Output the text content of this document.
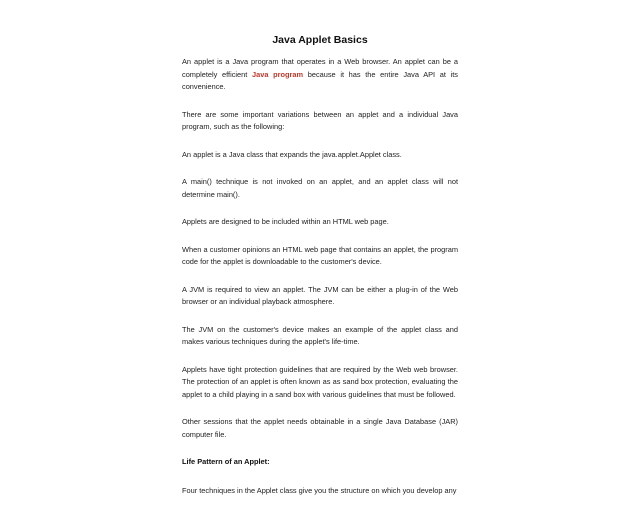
Java Applet Basics

An applet is a Java program that operates in a Web browser. An applet can be a completely efficient Java program because it has the entire Java API at its convenience.

There are some important variations between an applet and a individual Java program, such as the following:

An applet is a Java class that expands the java.applet.Applet class.

A main() technique is not invoked on an applet, and an applet class will not determine main().

Applets are designed to be included within an HTML web page.

When a customer opinions an HTML web page that contains an applet, the program code for the applet is downloadable to the customer's device.

A JVM is required to view an applet. The JVM can be either a plug-in of the Web browser or an individual playback atmosphere.

The JVM on the customer's device makes an example of the applet class and makes various techniques during the applet's life-time.

Applets have tight protection guidelines that are required by the Web web browser. The protection of an applet is often known as as sand box protection, evaluating the applet to a child playing in a sand box with various guidelines that must be followed.

Other sessions that the applet needs obtainable in a single Java Database (JAR) computer file.

Life Pattern of an Applet:

Four techniques in the Applet class give you the structure on which you develop any
